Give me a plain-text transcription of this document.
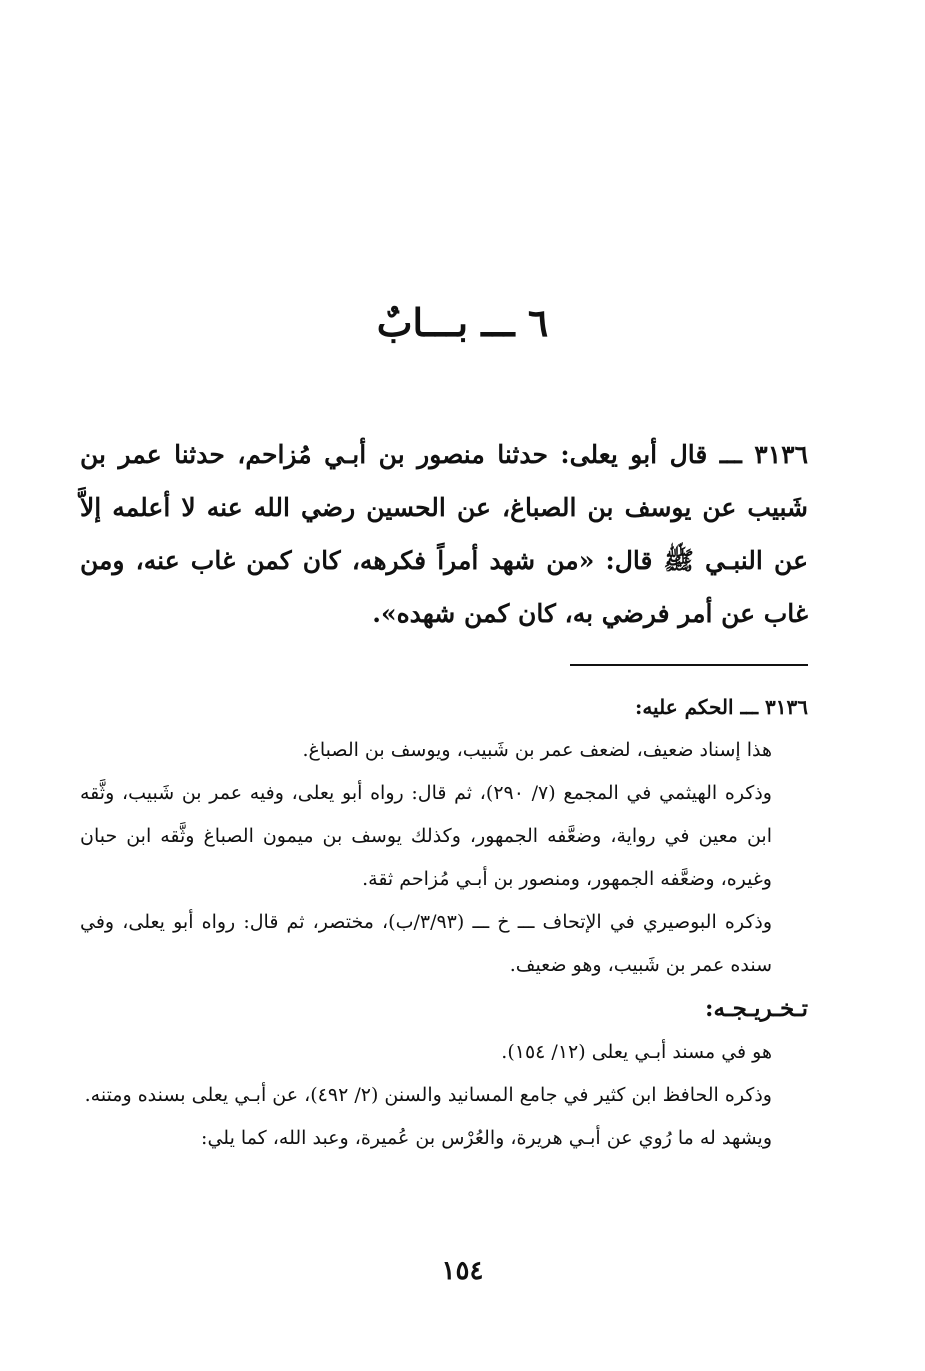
٦ ـــ بـــابٌ
٣١٣٦ ـــ قال أبو يعلى: حدثنا منصور بن أبـي مُزاحم، حدثنا عمر بن شَبيب عن يوسف بن الصباغ، عن الحسين رضي الله عنه لا أعلمه إلاَّ عن النبـي ﷺ قال: «من شهد أمراً فكرهه، كان كمن غاب عنه، ومن غاب عن أمر فرضي به، كان كمن شهده».
٣١٣٦ ـــ الحكم عليه:

هذا إسناد ضعيف، لضعف عمر بن شَبيب، ويوسف بن الصباغ.

وذكره الهيثمي في المجمع (٧/ ٢٩٠)، ثم قال: رواه أبو يعلى، وفيه عمر بن شَبيب، وثَّقه ابن معين في رواية، وضعَّفه الجمهور، وكذلك يوسف بن ميمون الصباغ وثَّقه ابن حبان وغيره، وضعَّفه الجمهور، ومنصور بن أبـي مُزاحم ثقة.

وذكره البوصيري في الإتحاف ـــ خ ـــ (٣/٩٣/ب)، مختصر، ثم قال: رواه أبو يعلى، وفي سنده عمر بن شَبيب، وهو ضعيف.

تـخـريـجـه:

هو في مسند أبـي يعلى (١٢/ ١٥٤).

وذكره الحافظ ابن كثير في جامع المسانيد والسنن (٢/ ٤٩٢)، عن أبـي يعلى بسنده ومتنه.

ويشهد له ما رُوي عن أبـي هريرة، والعُرْس بن عُميرة، وعبد الله، كما يلي:

١٥٤
